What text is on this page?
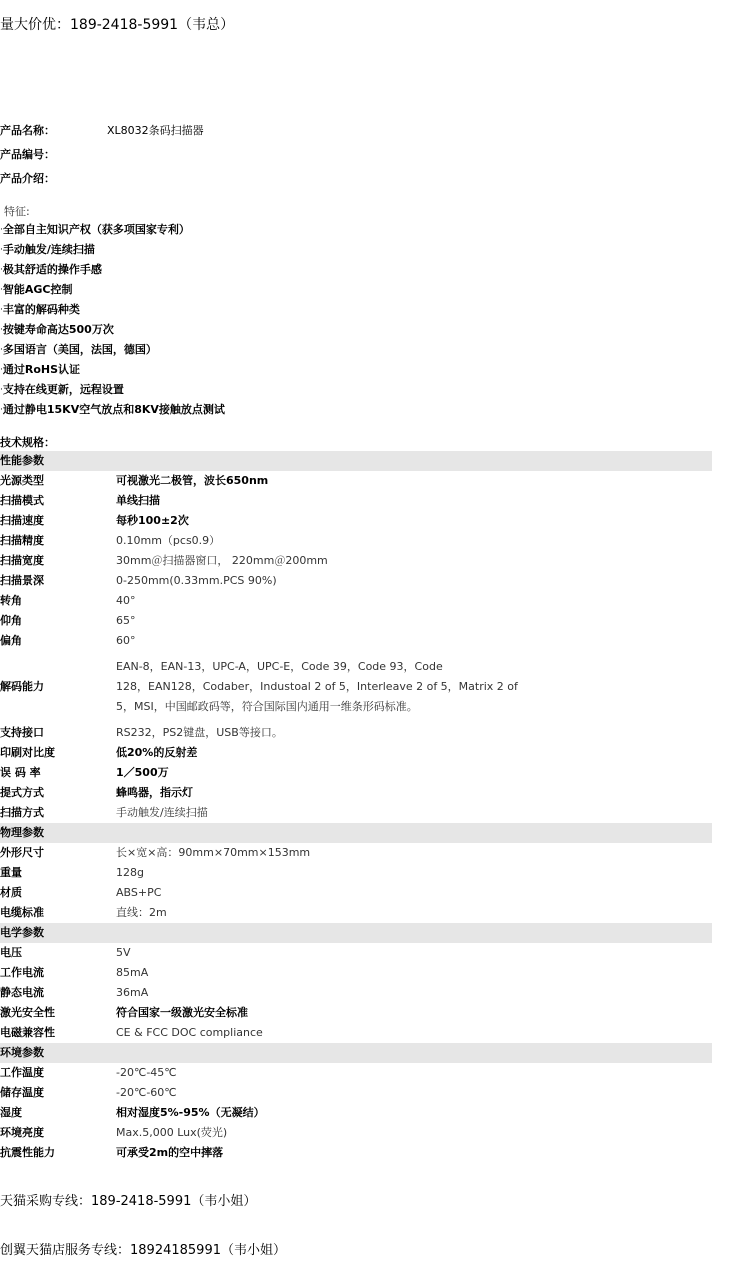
量大价优：189-2418-5991（韦总）
产品名称：	XL8032条码扫描器
产品编号：
产品介绍：
特征:
·全部自主知识产权（获多项国家专利）
·手动触发/连续扫描
·极其舒适的操作手感
·智能AGC控制
·丰富的解码种类
·按键寿命高达500万次
·多国语言（美国，法国，德国）
·通过RoHS认证
·支持在线更新，远程设置
·通过静电15KV空气放点和8KV接触放点测试
技术规格：
性能参数
光源类型	可视激光二极管，波长650nm
扫描模式	单线扫描
扫描速度	每秒100±2次
扫描精度	0.10mm（pcs0.9）
扫描宽度	30mm＠扫描器窗口， 220mm＠200mm
扫描景深	0-250mm(0.33mm.PCS 90%)
转角	40°
仰角	65°
偏角	60°
解码能力
EAN-8，EAN-13，UPC-A，UPC-E，Code 39，Code 93，Code
128，EAN128，Codaber，Industoal 2 of 5，Interleave 2 of 5，Matrix 2 of
5，MSI，中国邮政码等，符合国际国内通用一维条形码标准。
支持接口	RS232，PS2键盘，USB等接口。
印刷对比度	低20%的反射差
误 码 率	1／500万
提式方式	蜂鸣器，指示灯
扫描方式	手动触发/连续扫描
物理参数
外形尺寸	长×宽×高：90mm×70mm×153mm
重量	128g
材质	ABS+PC
电缆标准	直线：2m
电学参数
电压	5V
工作电流	85mA
静态电流	36mA
激光安全性	符合国家一级激光安全标准
电磁兼容性	CE & FCC DOC compliance
环境参数
工作温度	-20℃-45℃
储存温度	-20℃-60℃
湿度	相对湿度5%-95%（无凝结）
环境亮度	Max.5,000 Lux(荧光)
抗震性能力	可承受2m的空中摔落
天猫采购专线：189-2418-5991（韦小姐）
创翼天猫店服务专线：18924185991（韦小姐）
